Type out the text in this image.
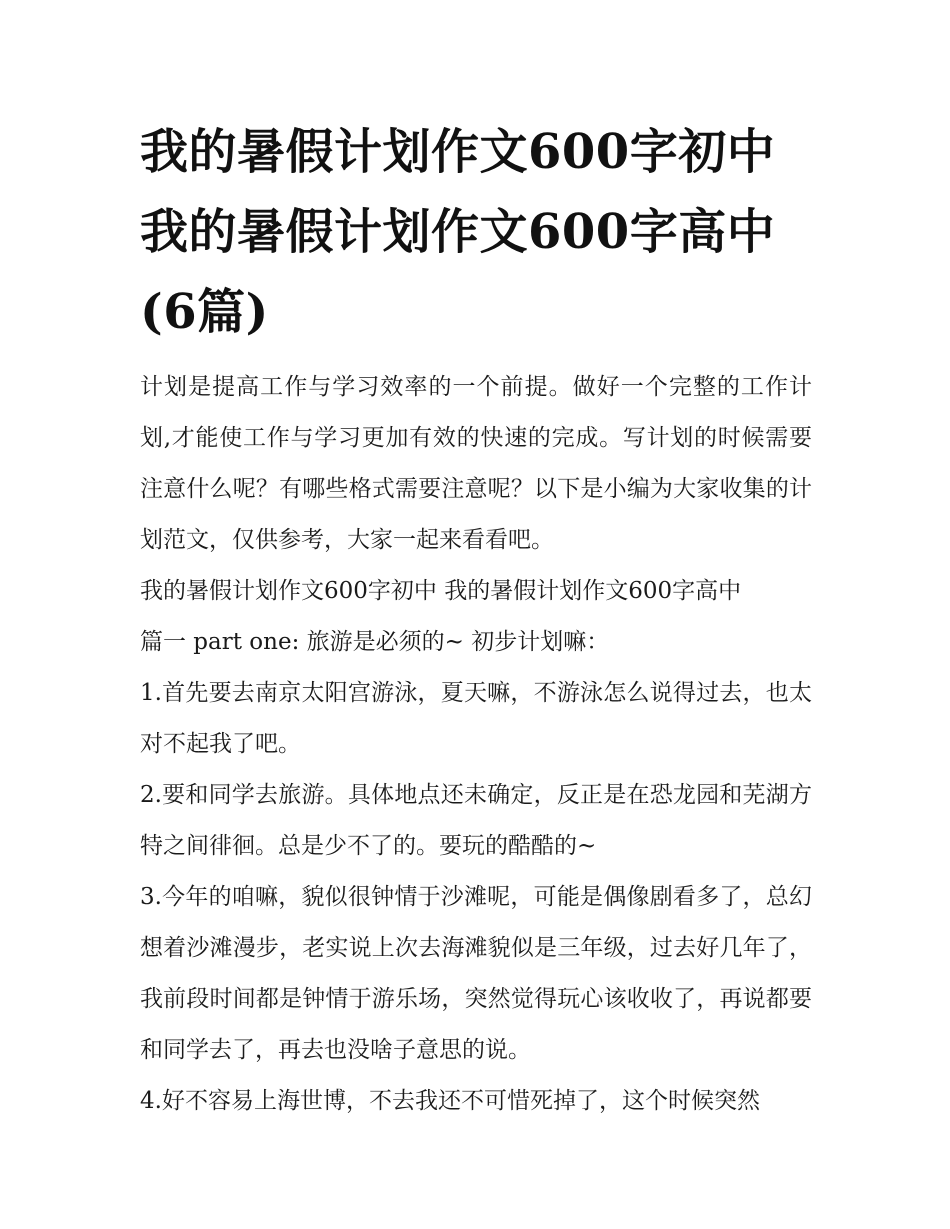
我的暑假计划作文600字初中 我的暑假计划作文600字高中(6篇)

计划是提高工作与学习效率的一个前提。做好一个完整的工作计划,才能使工作与学习更加有效的快速的完成。写计划的时候需要注意什么呢？有哪些格式需要注意呢？以下是小编为大家收集的计划范文，仅供参考，大家一起来看看吧。

我的暑假计划作文600字初中 我的暑假计划作文600字高中

篇一 part one: 旅游是必须的~ 初步计划嘛：

1.首先要去南京太阳宫游泳，夏天嘛，不游泳怎么说得过去，也太对不起我了吧。

2.要和同学去旅游。具体地点还未确定，反正是在恐龙园和芜湖方特之间徘徊。总是少不了的。要玩的酷酷的~

3.今年的咱嘛，貌似很钟情于沙滩呢，可能是偶像剧看多了，总幻想着沙滩漫步，老实说上次去海滩貌似是三年级，过去好几年了，我前段时间都是钟情于游乐场，突然觉得玩心该收收了，再说都要和同学去了，再去也没啥子意思的说。

4.好不容易上海世博，不去我还不可惜死掉了，这个时候突然
